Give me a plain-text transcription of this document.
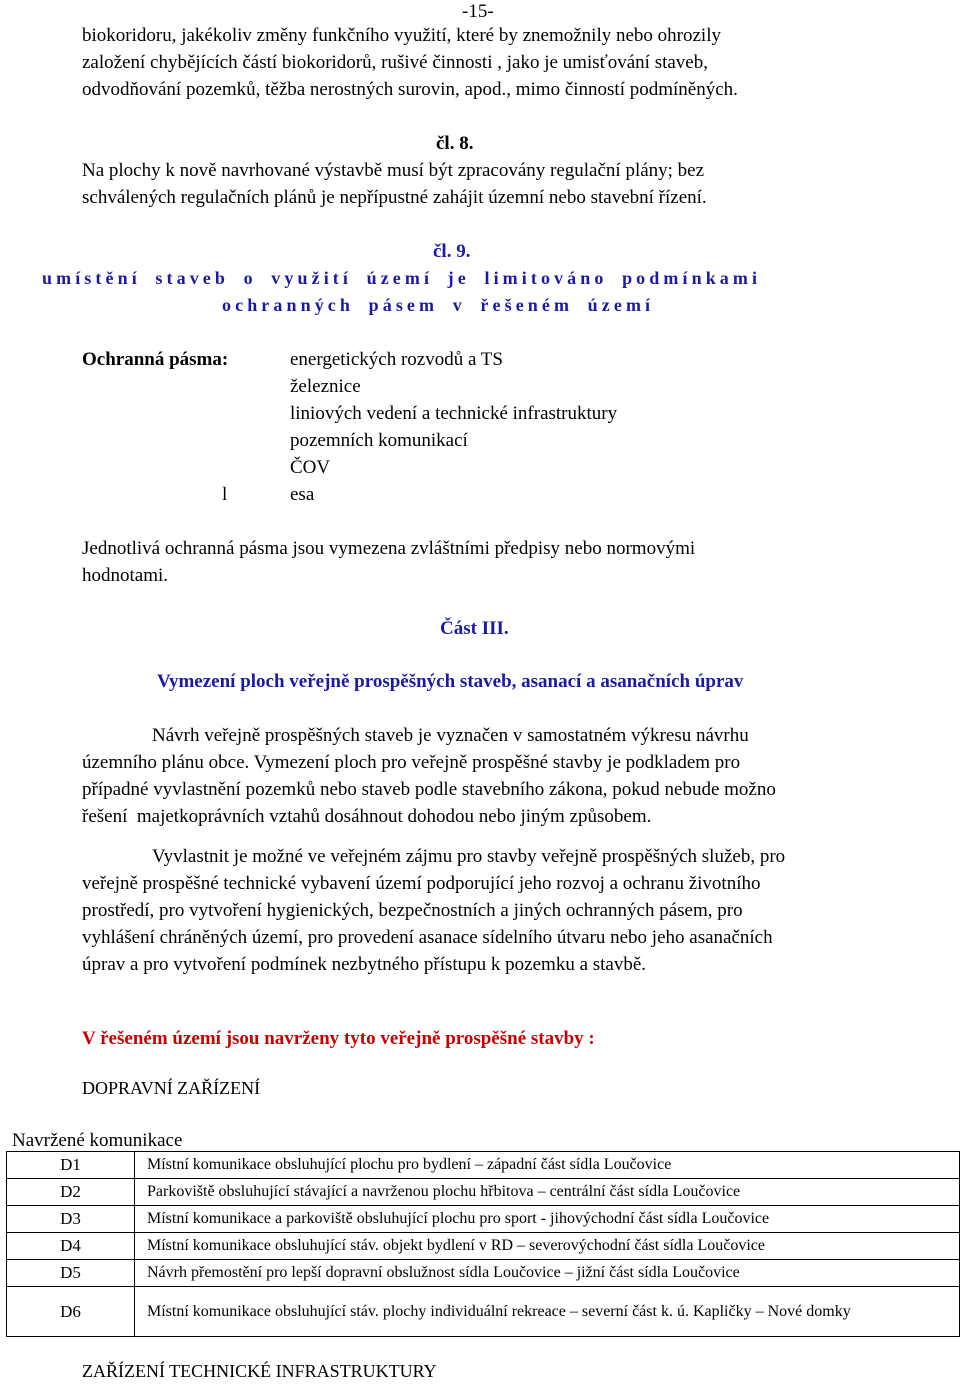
-15-
biokoridoru, jakékoliv změny funkčního využití, které by znemožnily nebo ohrozily
založení chybějících částí biokoridorů, rušivé činnosti , jako je umisťování staveb,
odvodňování pozemků, těžba nerostných surovin, apod., mimo činností podmíněných.
čl. 8.
Na plochy k nově navrhované výstavbě musí být zpracovány regulační plány; bez
schválených regulačních plánů je nepřípustné zahájit územní nebo stavební řízení.
čl. 9.
umístění staveb o využití území je limitováno podmínkami
ochranných pásem v řešeném území
Ochranná pásma:	energetických rozvodů a TS
železnice
liniových vedení a technické infrastruktury
pozemních komunikací
ČOV
l	esa
Jednotlivá ochranná pásma jsou vymezena zvláštními předpisy nebo normovými
hodnotami.
Část III.
Vymezení ploch veřejně prospěšných staveb, asanací a asanačních úprav
Návrh veřejně prospěšných staveb je vyznačen v samostatném výkresu návrhu
územního plánu obce. Vymezení ploch pro veřejně prospěšné stavby je podkladem pro
případné vyvlastnění pozemků nebo staveb podle stavebního zákona, pokud nebude možno
řešení  majetkoprávních vztahů dosáhnout dohodou nebo jiným způsobem.
Vyvlastnit je možné ve veřejném zájmu pro stavby veřejně prospěšných služeb, pro
veřejně prospěšné technické vybavení území podporující jeho rozvoj a ochranu životního
prostředí, pro vytvoření hygienických, bezpečnostních a jiných ochranných pásem, pro
vyhlášení chráněných území, pro provedení asanace sídelního útvaru nebo jeho asanačních
úprav a pro vytvoření podmínek nezbytného přístupu k pozemku a stavbě.
V řešeném území jsou navrženy tyto veřejně prospěšné stavby :
DOPRAVNÍ ZAŘÍZENÍ
Navržené komunikace
D1	Místní komunikace obsluhující plochu pro bydlení – západní část sídla Loučovice
D2	Parkoviště obsluhující stávající a navrženou plochu hřbitova – centrální část sídla Loučovice
D3	Místní komunikace a parkoviště obsluhující plochu pro sport - jihovýchodní část sídla Loučovice
D4	Místní komunikace obsluhující stáv. objekt bydlení v RD – severovýchodní část sídla Loučovice
D5	Návrh přemostění pro lepší dopravní obslužnost sídla Loučovice – jižní část sídla Loučovice
D6	Místní komunikace obsluhující stáv. plochy individuální rekreace – severní část k. ú. Kapličky – Nové domky
ZAŘÍZENÍ TECHNICKÉ INFRASTRUKTURY
